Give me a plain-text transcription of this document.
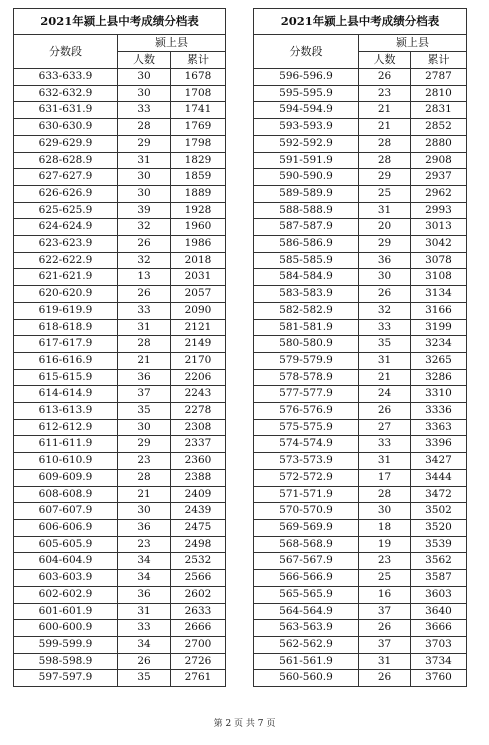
2021年颍上县中考成绩分档表		
分数段	颍上县	
	人数	累计
633-633.9	30	1678
632-632.9	30	1708
631-631.9	33	1741
630-630.9	28	1769
629-629.9	29	1798
628-628.9	31	1829
627-627.9	30	1859
626-626.9	30	1889
625-625.9	39	1928
624-624.9	32	1960
623-623.9	26	1986
622-622.9	32	2018
621-621.9	13	2031
620-620.9	26	2057
619-619.9	33	2090
618-618.9	31	2121
617-617.9	28	2149
616-616.9	21	2170
615-615.9	36	2206
614-614.9	37	2243
613-613.9	35	2278
612-612.9	30	2308
611-611.9	29	2337
610-610.9	23	2360
609-609.9	28	2388
608-608.9	21	2409
607-607.9	30	2439
606-606.9	36	2475
605-605.9	23	2498
604-604.9	34	2532
603-603.9	34	2566
602-602.9	36	2602
601-601.9	31	2633
600-600.9	33	2666
599-599.9	34	2700
598-598.9	26	2726
597-597.9	35	2761
2021年颍上县中考成绩分档表		
分数段	颍上县	
	人数	累计
596-596.9	26	2787
595-595.9	23	2810
594-594.9	21	2831
593-593.9	21	2852
592-592.9	28	2880
591-591.9	28	2908
590-590.9	29	2937
589-589.9	25	2962
588-588.9	31	2993
587-587.9	20	3013
586-586.9	29	3042
585-585.9	36	3078
584-584.9	30	3108
583-583.9	26	3134
582-582.9	32	3166
581-581.9	33	3199
580-580.9	35	3234
579-579.9	31	3265
578-578.9	21	3286
577-577.9	24	3310
576-576.9	26	3336
575-575.9	27	3363
574-574.9	33	3396
573-573.9	31	3427
572-572.9	17	3444
571-571.9	28	3472
570-570.9	30	3502
569-569.9	18	3520
568-568.9	19	3539
567-567.9	23	3562
566-566.9	25	3587
565-565.9	16	3603
564-564.9	37	3640
563-563.9	26	3666
562-562.9	37	3703
561-561.9	31	3734
560-560.9	26	3760
第 2 页 共 7 页
